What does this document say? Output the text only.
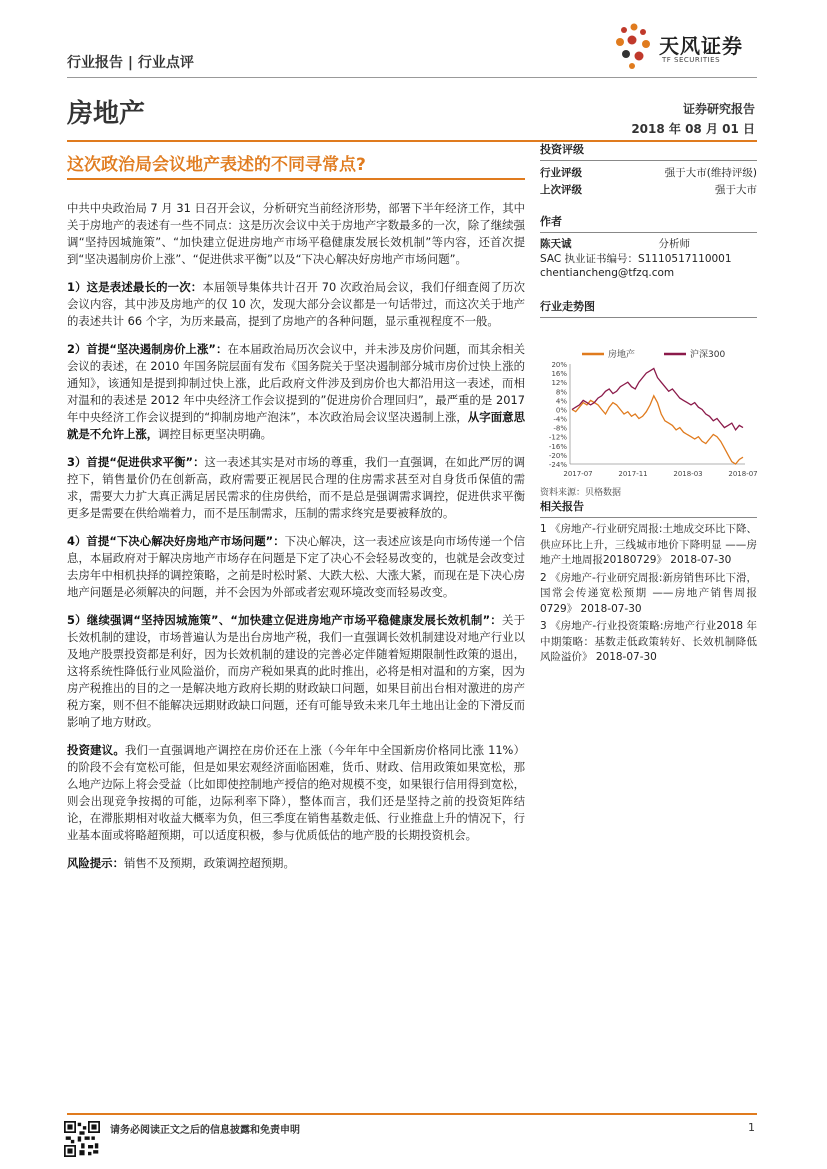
行业报告 | 行业点评
天风证券
TF SECURITIES
房地产	证券研究报告
2018 年 08 月 01 日
这次政治局会议地产表述的不同寻常点?

中共中央政治局 7 月 31 日召开会议，分析研究当前经济形势，部署下半年经济工作，其中关于房地产的表述有一些不同点：这是历次会议中关于房地产字数最多的一次，除了继续强调“坚持因城施策”、“加快建立促进房地产市场平稳健康发展长效机制”等内容，还首次提到“坚决遏制房价上涨”、“促进供求平衡”以及“下决心解决好房地产市场问题”。

1）这是表述最长的一次：本届领导集体共计召开 70 次政治局会议，我们仔细查阅了历次会议内容，其中涉及房地产的仅 10 次，发现大部分会议都是一句话带过，而这次关于地产的表述共计 66 个字，为历来最高，提到了房地产的各种问题，显示重视程度不一般。

2）首提“坚决遏制房价上涨”：在本届政治局历次会议中，并未涉及房价问题，而其余相关会议的表述，在 2010 年国务院层面有发布《国务院关于坚决遏制部分城市房价过快上涨的通知》，该通知是提到抑制过快上涨，此后政府文件涉及到房价也大都沿用这一表述，而相对温和的表述是 2012 年中央经济工作会议提到的”促进房价合理回归”，最严重的是 2017 年中央经济工作会议提到的“抑制房地产泡沫”，本次政治局会议坚决遏制上涨，从字面意思就是不允许上涨，调控目标更坚决明确。

3）首提“促进供求平衡”：这一表述其实是对市场的尊重，我们一直强调，在如此严厉的调控下，销售量价仍在创新高，政府需要正视居民合理的住房需求甚至对自身货币保值的需求，需要大力扩大真正满足居民需求的住房供给，而不是总是强调需求调控，促进供求平衡更多是需要在供给端着力，而不是压制需求，压制的需求终究是要被释放的。

4）首提“下决心解决好房地产市场问题”：下决心解决，这一表述应该是向市场传递一个信息，本届政府对于解决房地产市场存在问题是下定了决心不会轻易改变的，也就是会改变过去房年中相机抉择的调控策略，之前是时松时紧、大跌大松、大涨大紧，而现在是下决心房地产问题是必须解决的问题，并不会因为外部或者宏观环境改变而轻易改变。

5）继续强调“坚持因城施策”、“加快建立促进房地产市场平稳健康发展长效机制”：关于长效机制的建设，市场普遍认为是出台房地产税，我们一直强调长效机制建设对地产行业以及地产股票投资都是利好，因为长效机制的建设的完善必定伴随着短期限制性政策的退出，这将系统性降低行业风险溢价，而房产税如果真的此时推出，必将是相对温和的方案，因为房产税推出的目的之一是解决地方政府长期的财政缺口问题，如果目前出台相对激进的房产税方案，则不但不能解决远期财政缺口问题，还有可能导致未来几年土地出让金的下滑反而影响了地方财政。

投资建议。我们一直强调地产调控在房价还在上涨（今年年中全国新房价格同比涨 11%）的阶段不会有宽松可能，但是如果宏观经济面临困难，货币、财政、信用政策如果宽松，那么地产边际上将会受益（比如即使控制地产授信的绝对规模不变，如果银行信用得到宽松，则会出现竞争按揭的可能，边际利率下降），整体而言，我们还是坚持之前的投资矩阵结论，在滞胀期相对收益大概率为负，但三季度在销售基数走低、行业推盘上升的情况下，行业基本面或将略超预期，可以适度积极，参与优质低估的地产股的长期投资机会。

风险提示：销售不及预期，政策调控超预期。

投资评级
行业评级	强于大市(维持评级)
上次评级	强于大市
作者
陈天诚	分析师
SAC 执业证书编号：S1110517110001
chentiancheng@tfzq.com
行业走势图
房地产	沪深300
20%
16%
12%
8%
4%
0%
-4%
-8%
-12%
-16%
-20%
-24%
2017-07	2017-11	2018-03	2018-07
资料来源：贝格数据
相关报告
1 《房地产-行业研究周报:土地成交环比下降、供应环比上升，三线城市地价下降明显 ——房地产土地周报20180729》 2018-07-30
2 《房地产-行业研究周报:新房销售环比下滑，国常会传递宽松预期 ——房地产销售周报 0729》 2018-07-30
3 《房地产-行业投资策略:房地产行业2018 年中期策略：基数走低政策转好、长效机制降低风险溢价》 2018-07-30
请务必阅读正文之后的信息披露和免责申明	1
